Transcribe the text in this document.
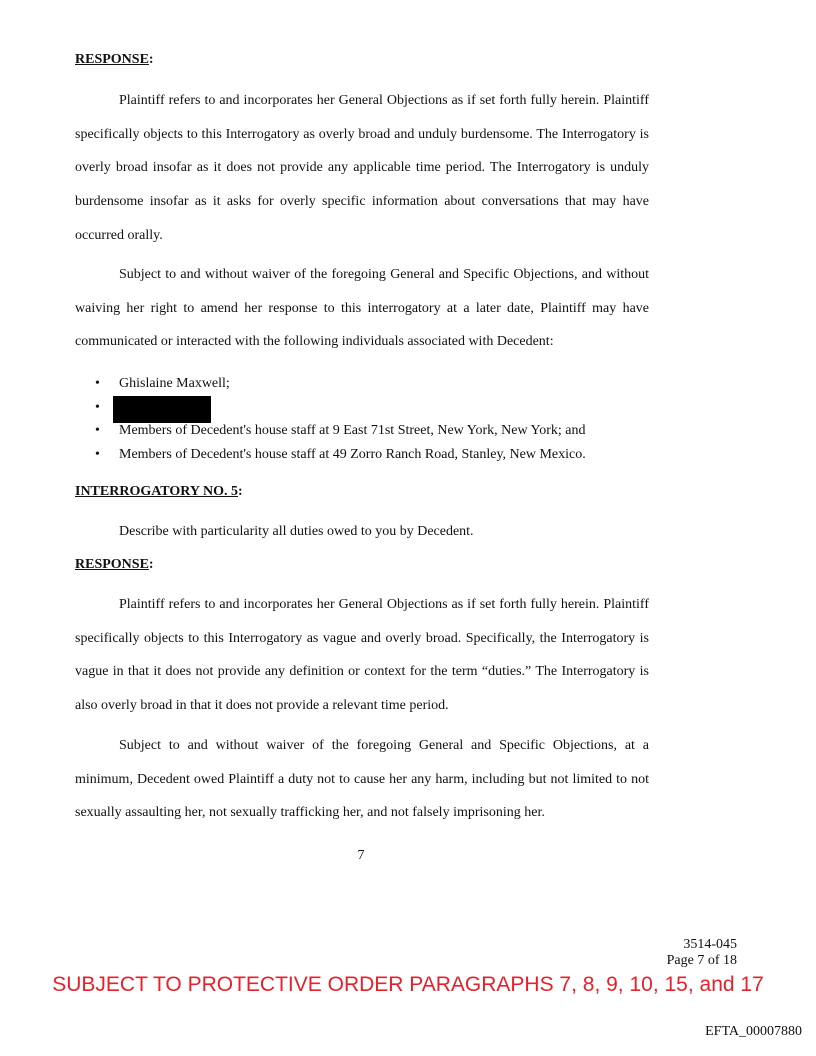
RESPONSE:

Plaintiff refers to and incorporates her General Objections as if set forth fully herein. Plaintiff specifically objects to this Interrogatory as overly broad and unduly burdensome. The Interrogatory is overly broad insofar as it does not provide any applicable time period. The Interrogatory is unduly burdensome insofar as it asks for overly specific information about conversations that may have occurred orally.

Subject to and without waiver of the foregoing General and Specific Objections, and without waiving her right to amend her response to this interrogatory at a later date, Plaintiff may have communicated or interacted with the following individuals associated with Decedent:

• Ghislaine Maxwell;
•
• Members of Decedent's house staff at 9 East 71st Street, New York, New York; and
• Members of Decedent's house staff at 49 Zorro Ranch Road, Stanley, New Mexico.
INTERROGATORY NO. 5:
Describe with particularity all duties owed to you by Decedent.
RESPONSE:

Plaintiff refers to and incorporates her General Objections as if set forth fully herein. Plaintiff specifically objects to this Interrogatory as vague and overly broad. Specifically, the Interrogatory is vague in that it does not provide any definition or context for the term “duties.” The Interrogatory is also overly broad in that it does not provide a relevant time period.

Subject to and without waiver of the foregoing General and Specific Objections, at a minimum, Decedent owed Plaintiff a duty not to cause her any harm, including but not limited to not sexually assaulting her, not sexually trafficking her, and not falsely imprisoning her.

7
3514-045
Page 7 of 18
SUBJECT TO PROTECTIVE ORDER PARAGRAPHS 7, 8, 9, 10, 15, and 17
EFTA_00007880
